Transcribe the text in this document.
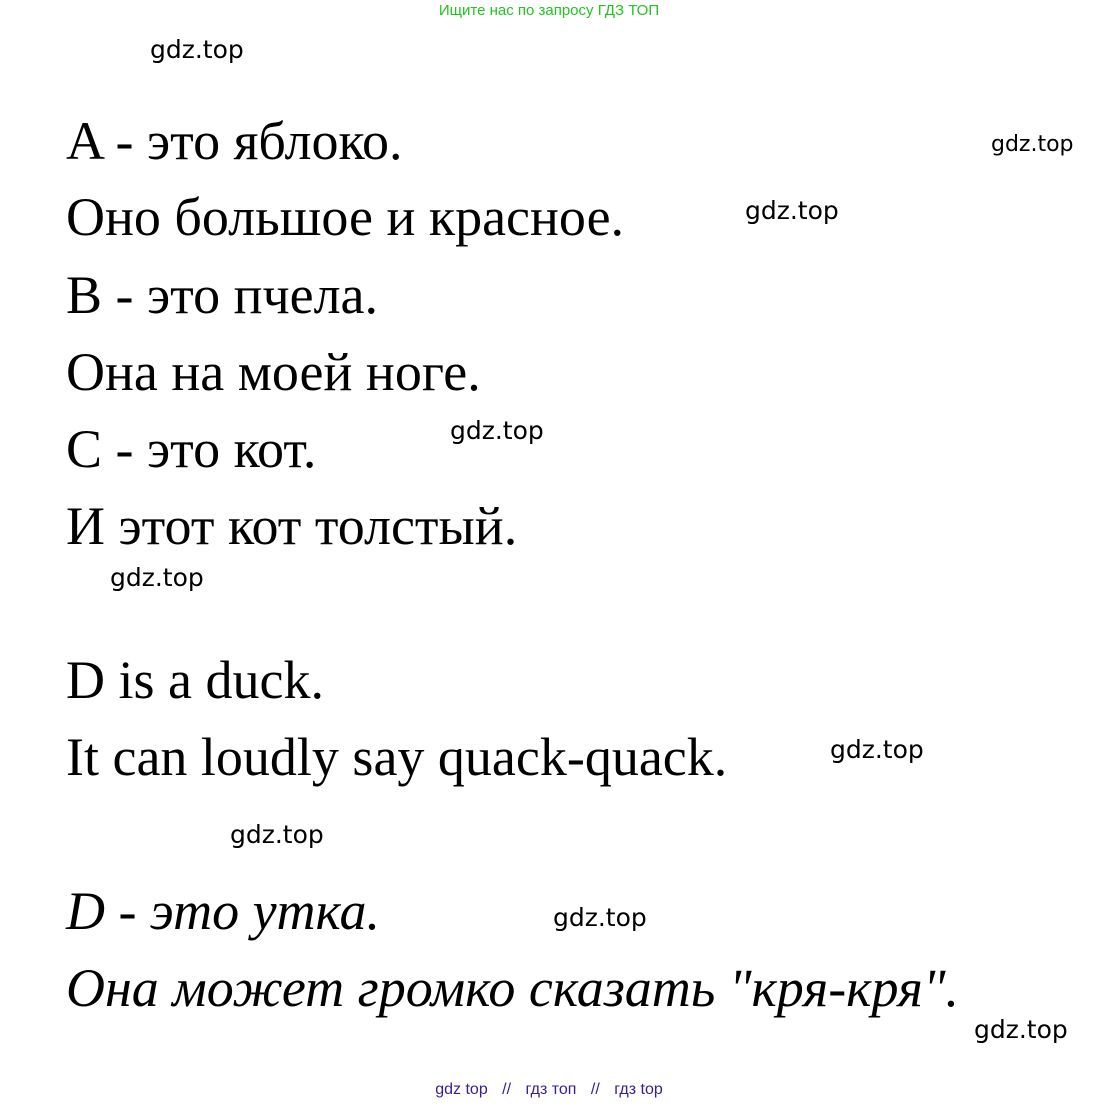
Ищите нас по запросу ГДЗ ТОП
gdz.top
gdz.top
gdz.top
gdz.top
gdz.top
gdz.top
gdz.top
gdz.top
gdz.top
A - это яблоко.
Оно большое и красное.
B - это пчела.
Она на моей ноге.
C - это кот.
И этот кот толстый.
D is a duck.
It can loudly say quack-quack.
D - это утка.
Она может громко сказать "кря-кря".
gdz top // гдз топ // гдз top
